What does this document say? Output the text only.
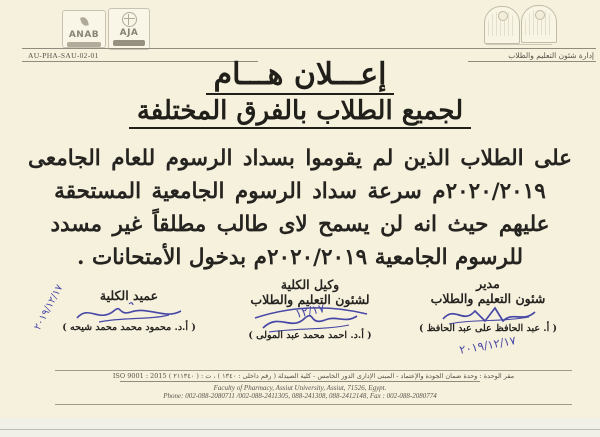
ANAB	AJA
AU-PHA-SAU-02-01	إدارة شئون التعليم والطلاب
إعـــلان هـــام
لجميع الطلاب بالفرق المختلفة
على الطلاب الذين لم يقوموا بسداد الرسوم للعام الجامعى
٢٠٢٠/٢٠١٩م سرعة سداد الرسوم الجامعية المستحقة
عليهم حيث انه لن يسمح لاى طالب مطلقاً غير مسدد
للرسوم الجامعية ٢٠٢٠/٢٠١٩م بدخول الأمتحانات .
عميد الكلية
( أ.د. محمود محمد محمد شيحه )
٢٠١٩/١٢/١٧	وكيل الكلية
لشئون التعليم والطلاب
١٢/١٧
( أ.د. احمد محمد عبد المولى )
مدير
شئون التعليم والطلاب
( أ. عبد الحافظ على عبد الحافظ )
٢٠١٩/١٢/١٧
مقر الوحدة : وحدة ضمان الجودة والإعتماد - المبنى الإدارى الدور الخامس - كلية الصيدلة ( رقم داخلى : ١٣٤٠ ) ، ت : ( ٢١١٣٤٠ ) ISO 9001 : 2015
Faculty of Pharmacy, Assiut University, Assiut, 71526, Egypt.
Phone: 002-088-2080711 /002-088-2411305, 088-241308, 088-2412148, Fax : 002-088-2080774
